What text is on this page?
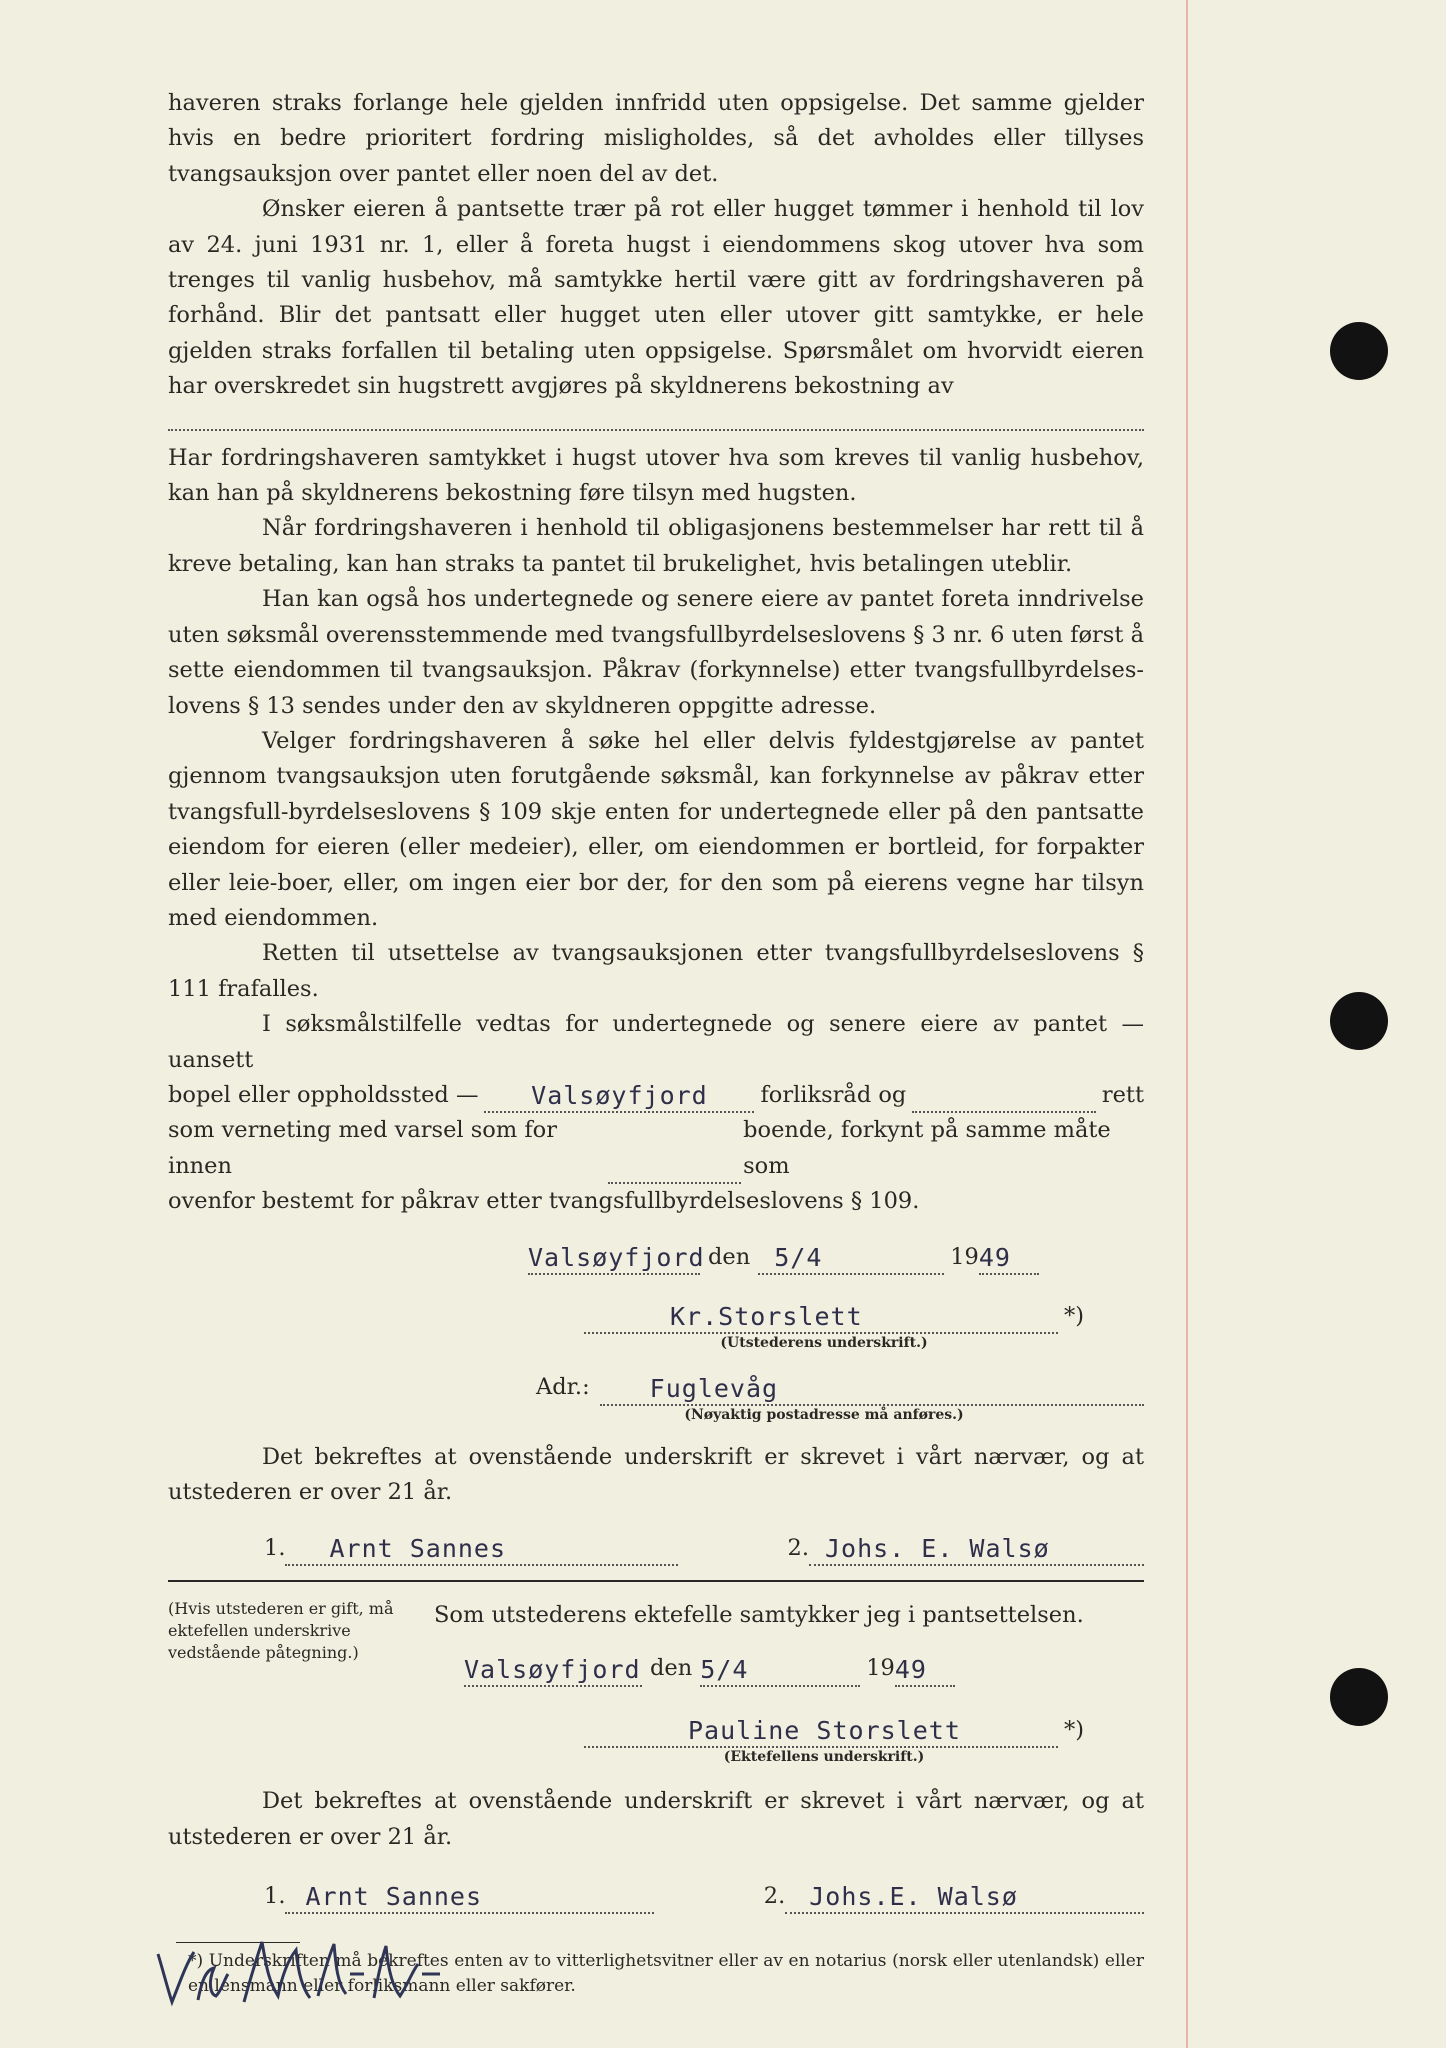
haveren straks forlange hele gjelden innfridd uten oppsigelse. Det samme gjelder hvis en bedre prioritert fordring misligholdes, så det avholdes eller tillyses tvangsauksjon over pantet eller noen del av det.

Ønsker eieren å pantsette trær på rot eller hugget tømmer i henhold til lov av 24. juni 1931 nr. 1, eller å foreta hugst i eiendommens skog utover hva som trenges til vanlig husbehov, må samtykke hertil være gitt av fordringshaveren på forhånd. Blir det pantsatt eller hugget uten eller utover gitt samtykke, er hele gjelden straks forfallen til betaling uten oppsigelse. Spørsmålet om hvorvidt eieren har overskredet sin hugstrett avgjøres på skyldnerens bekostning av

Har fordringshaveren samtykket i hugst utover hva som kreves til vanlig husbehov, kan han på skyldnerens bekostning føre tilsyn med hugsten.

Når fordringshaveren i henhold til obligasjonens bestemmelser har rett til å kreve betaling, kan han straks ta pantet til brukelighet, hvis betalingen uteblir.

Han kan også hos undertegnede og senere eiere av pantet foreta inndrivelse uten søksmål overensstemmende med tvangsfullbyrdelseslovens § 3 nr. 6 uten først å sette eiendommen til tvangsauksjon. Påkrav (forkynnelse) etter tvangsfullbyrdelses-lovens § 13 sendes under den av skyldneren oppgitte adresse.

Velger fordringshaveren å søke hel eller delvis fyldestgjørelse av pantet gjennom tvangsauksjon uten forutgående søksmål, kan forkynnelse av påkrav etter tvangsfull-byrdelseslovens § 109 skje enten for undertegnede eller på den pantsatte eiendom for eieren (eller medeier), eller, om eiendommen er bortleid, for forpakter eller leie-boer, eller, om ingen eier bor der, for den som på eierens vegne har tilsyn med eiendommen.

Retten til utsettelse av tvangsauksjonen etter tvangsfullbyrdelseslovens § 111 frafalles.

I søksmålstilfelle vedtas for undertegnede og senere eiere av pantet — uansett

bopel eller oppholdssted —	Valsøyfjord	forliksråd og	rett
som verneting med varsel som for innen
boende, forkynt på samme måte som

ovenfor bestemt for påkrav etter tvangsfullbyrdelseslovens § 109.

Valsøyfjord den 5/4	19 49
Kr.Storslett	*)
(Utstederens underskrift.)
Adr.:	Fuglevåg
(Nøyaktig postadresse må anføres.)

Det bekreftes at ovenstående underskrift er skrevet i vårt nærvær, og at utstederen er over 21 år.

1.	Arnt Sannes	2. Johs. E. Walsø
(Hvis utstederen er gift, må ektefellen underskrive vedstående påtegning.)
Som utstederens ektefelle samtykker jeg i pantsettelsen.
Valsøyfjord den 5/4	19 49
Pauline Storslett	*)
(Ektefellens underskrift.)

Det bekreftes at ovenstående underskrift er skrevet i vårt nærvær, og at utstederen er over 21 år.

1. Arnt Sannes	2. Johs.E. Walsø

*) Underskriften må bekreftes enten av to vitterlighetsvitner eller av en notarius (norsk eller utenlandsk) eller en lensmann eller forliksmann eller sakfører.
